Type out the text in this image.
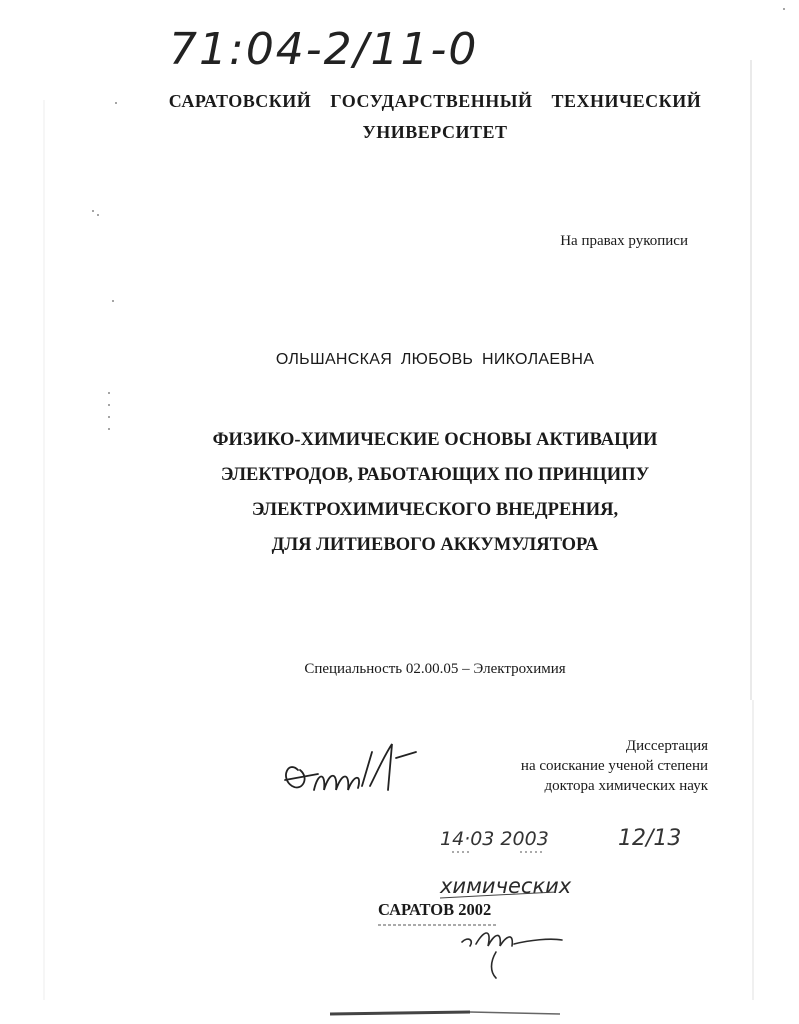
71:04-2/11-0
САРАТОВСКИЙ ГОСУДАРСТВЕННЫЙ ТЕХНИЧЕСКИЙ
УНИВЕРСИТЕТ
На правах рукописи
ОЛЬШАНСКАЯ ЛЮБОВЬ НИКОЛАЕВНА
ФИЗИКО-ХИМИЧЕСКИЕ ОСНОВЫ АКТИВАЦИИ
ЭЛЕКТРОДОВ, РАБОТАЮЩИХ ПО ПРИНЦИПУ
ЭЛЕКТРОХИМИЧЕСКОГО ВНЕДРЕНИЯ,
ДЛЯ ЛИТИЕВОГО АККУМУЛЯТОРА
Специальность 02.00.05 – Электрохимия
Диссертация
на соискание ученой степени
доктора химических наук
САРАТОВ 2002
14·03 2003	12/13
химических
